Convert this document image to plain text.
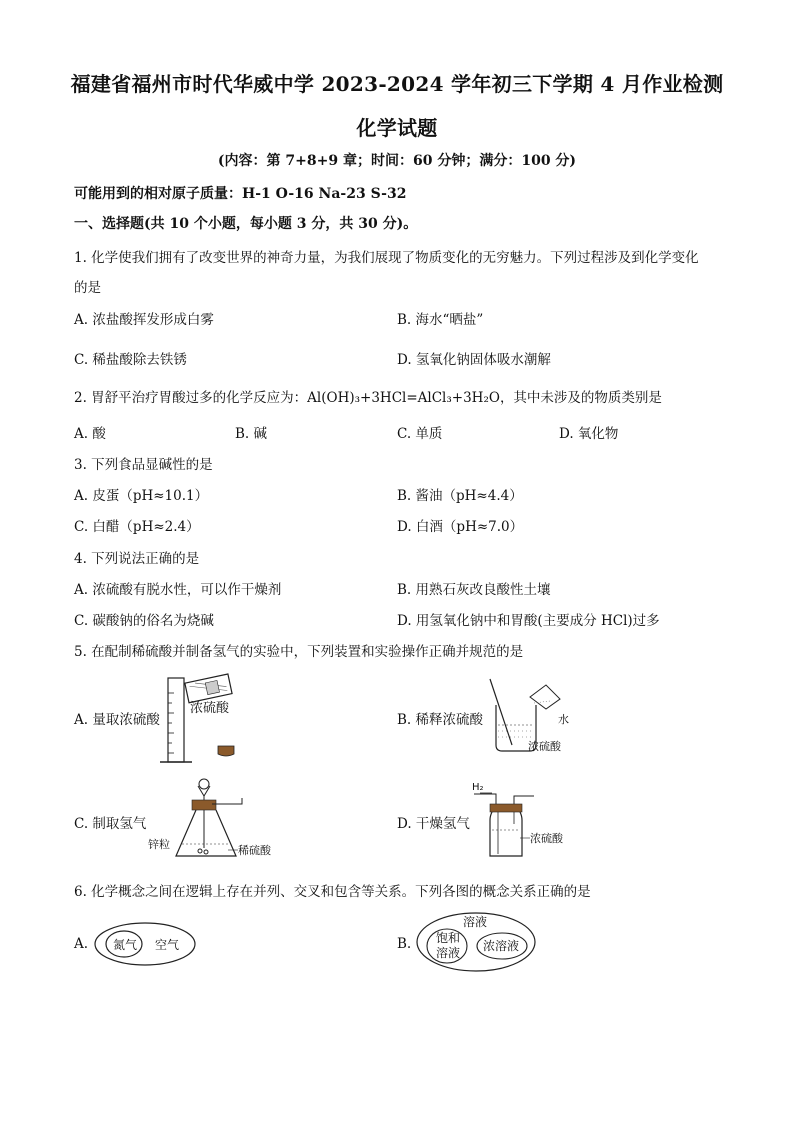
福建省福州市时代华威中学 2023-2024 学年初三下学期 4 月作业检测
化学试题
(内容：第 7+8+9 章；时间：60 分钟；满分：100 分)
可能用到的相对原子质量：H-1 O-16 Na-23 S-32
一、选择题(共 10 个小题，每小题 3 分，共 30 分)。
1. 化学使我们拥有了改变世界的神奇力量，为我们展现了物质变化的无穷魅力。下列过程涉及到化学变化
的是
A. 浓盐酸挥发形成白雾	B. 海水“晒盐”
C. 稀盐酸除去铁锈	D. 氢氧化钠固体吸水潮解
2. 胃舒平治疗胃酸过多的化学反应为：Al(OH)₃+3HCl=AlCl₃+3H₂O，其中未涉及的物质类别是
A. 酸	B. 碱	C. 单质	D. 氧化物
3. 下列食品显碱性的是
A. 皮蛋（pH≈10.1）	B. 酱油（pH≈4.4）
C. 白醋（pH≈2.4）	D. 白酒（pH≈7.0）
4. 下列说法正确的是
A. 浓硫酸有脱水性，可以作干燥剂	B. 用熟石灰改良酸性土壤
C. 碳酸钠的俗名为烧碱	D. 用氢氧化钠中和胃酸(主要成分 HCl)过多
5. 在配制稀硫酸并制备氢气的实验中，下列装置和实验操作正确并规范的是
A. 量取浓硫酸	B. 稀释浓硫酸
C. 制取氢气	D. 干燥氢气
浓硫酸
水
浓硫酸
锌粒	稀硫酸
H₂
浓硫酸
6. 化学概念之间在逻辑上存在并列、交叉和包含等关系。下列各图的概念关系正确的是
A.	B.
氮气 空气
溶液
饱和
溶液 浓溶液
